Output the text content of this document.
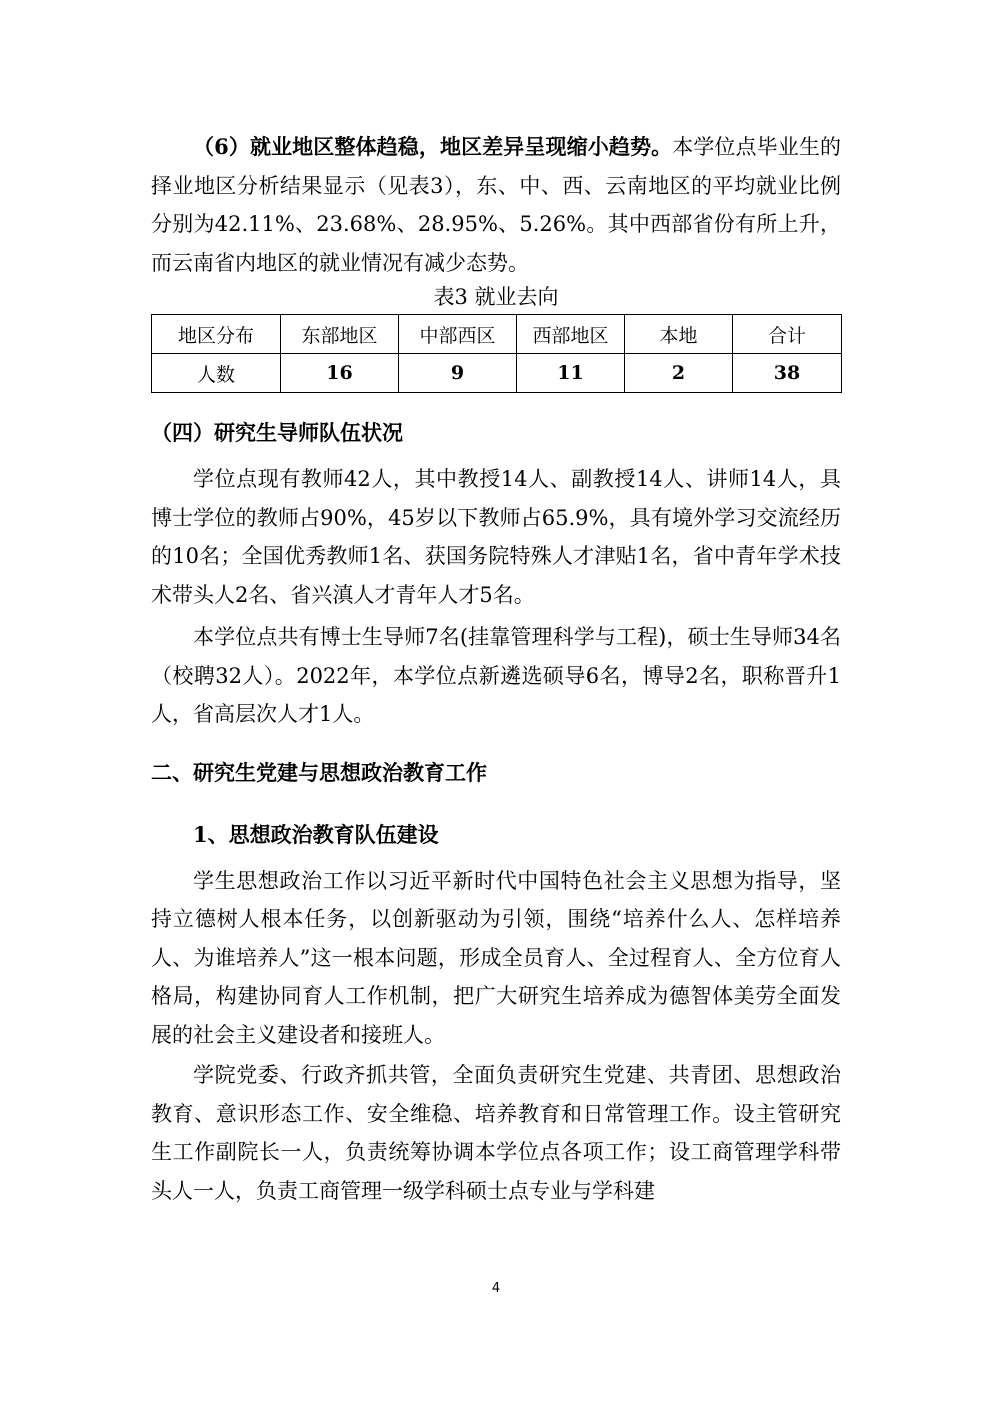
（6）就业地区整体趋稳，地区差异呈现缩小趋势。本学位点毕业生的择业地区分析结果显示（见表3），东、中、西、云南地区的平均就业比例分别为42.11%、23.68%、28.95%、5.26%。其中西部省份有所上升，而云南省内地区的就业情况有减少态势。

表3 就业去向
地区分布	东部地区	中部西区	西部地区	本地	合计
人数	16	9	11	2	38
（四）研究生导师队伍状况

学位点现有教师42人，其中教授14人、副教授14人、讲师14人，具博士学位的教师占90%，45岁以下教师占65.9%，具有境外学习交流经历的10名；全国优秀教师1名、获国务院特殊人才津贴1名，省中青年学术技术带头人2名、省兴滇人才青年人才5名。

本学位点共有博士生导师7名(挂靠管理科学与工程)，硕士生导师34名（校聘32人）。2022年，本学位点新遴选硕导6名，博导2名，职称晋升1人，省高层次人才1人。

二、研究生党建与思想政治教育工作
1、思想政治教育队伍建设

学生思想政治工作以习近平新时代中国特色社会主义思想为指导，坚持立德树人根本任务，以创新驱动为引领，围绕“培养什么人、怎样培养人、为谁培养人”这一根本问题，形成全员育人、全过程育人、全方位育人格局，构建协同育人工作机制，把广大研究生培养成为德智体美劳全面发展的社会主义建设者和接班人。

学院党委、行政齐抓共管，全面负责研究生党建、共青团、思想政治教育、意识形态工作、安全维稳、培养教育和日常管理工作。设主管研究生工作副院长一人，负责统筹协调本学位点各项工作；设工商管理学科带头人一人，负责工商管理一级学科硕士点专业与学科建

4
